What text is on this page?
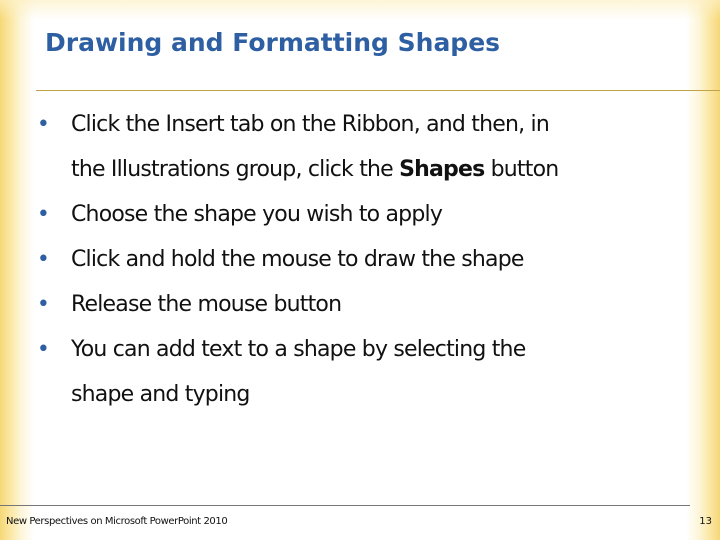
Drawing and Formatting Shapes
• Click the Insert tab on the Ribbon, and then, in
the Illustrations group, click the Shapes button
• Choose the shape you wish to apply
• Click and hold the mouse to draw the shape
• Release the mouse button
• You can add text to a shape by selecting the
shape and typing
New Perspectives on Microsoft PowerPoint 2010	13
